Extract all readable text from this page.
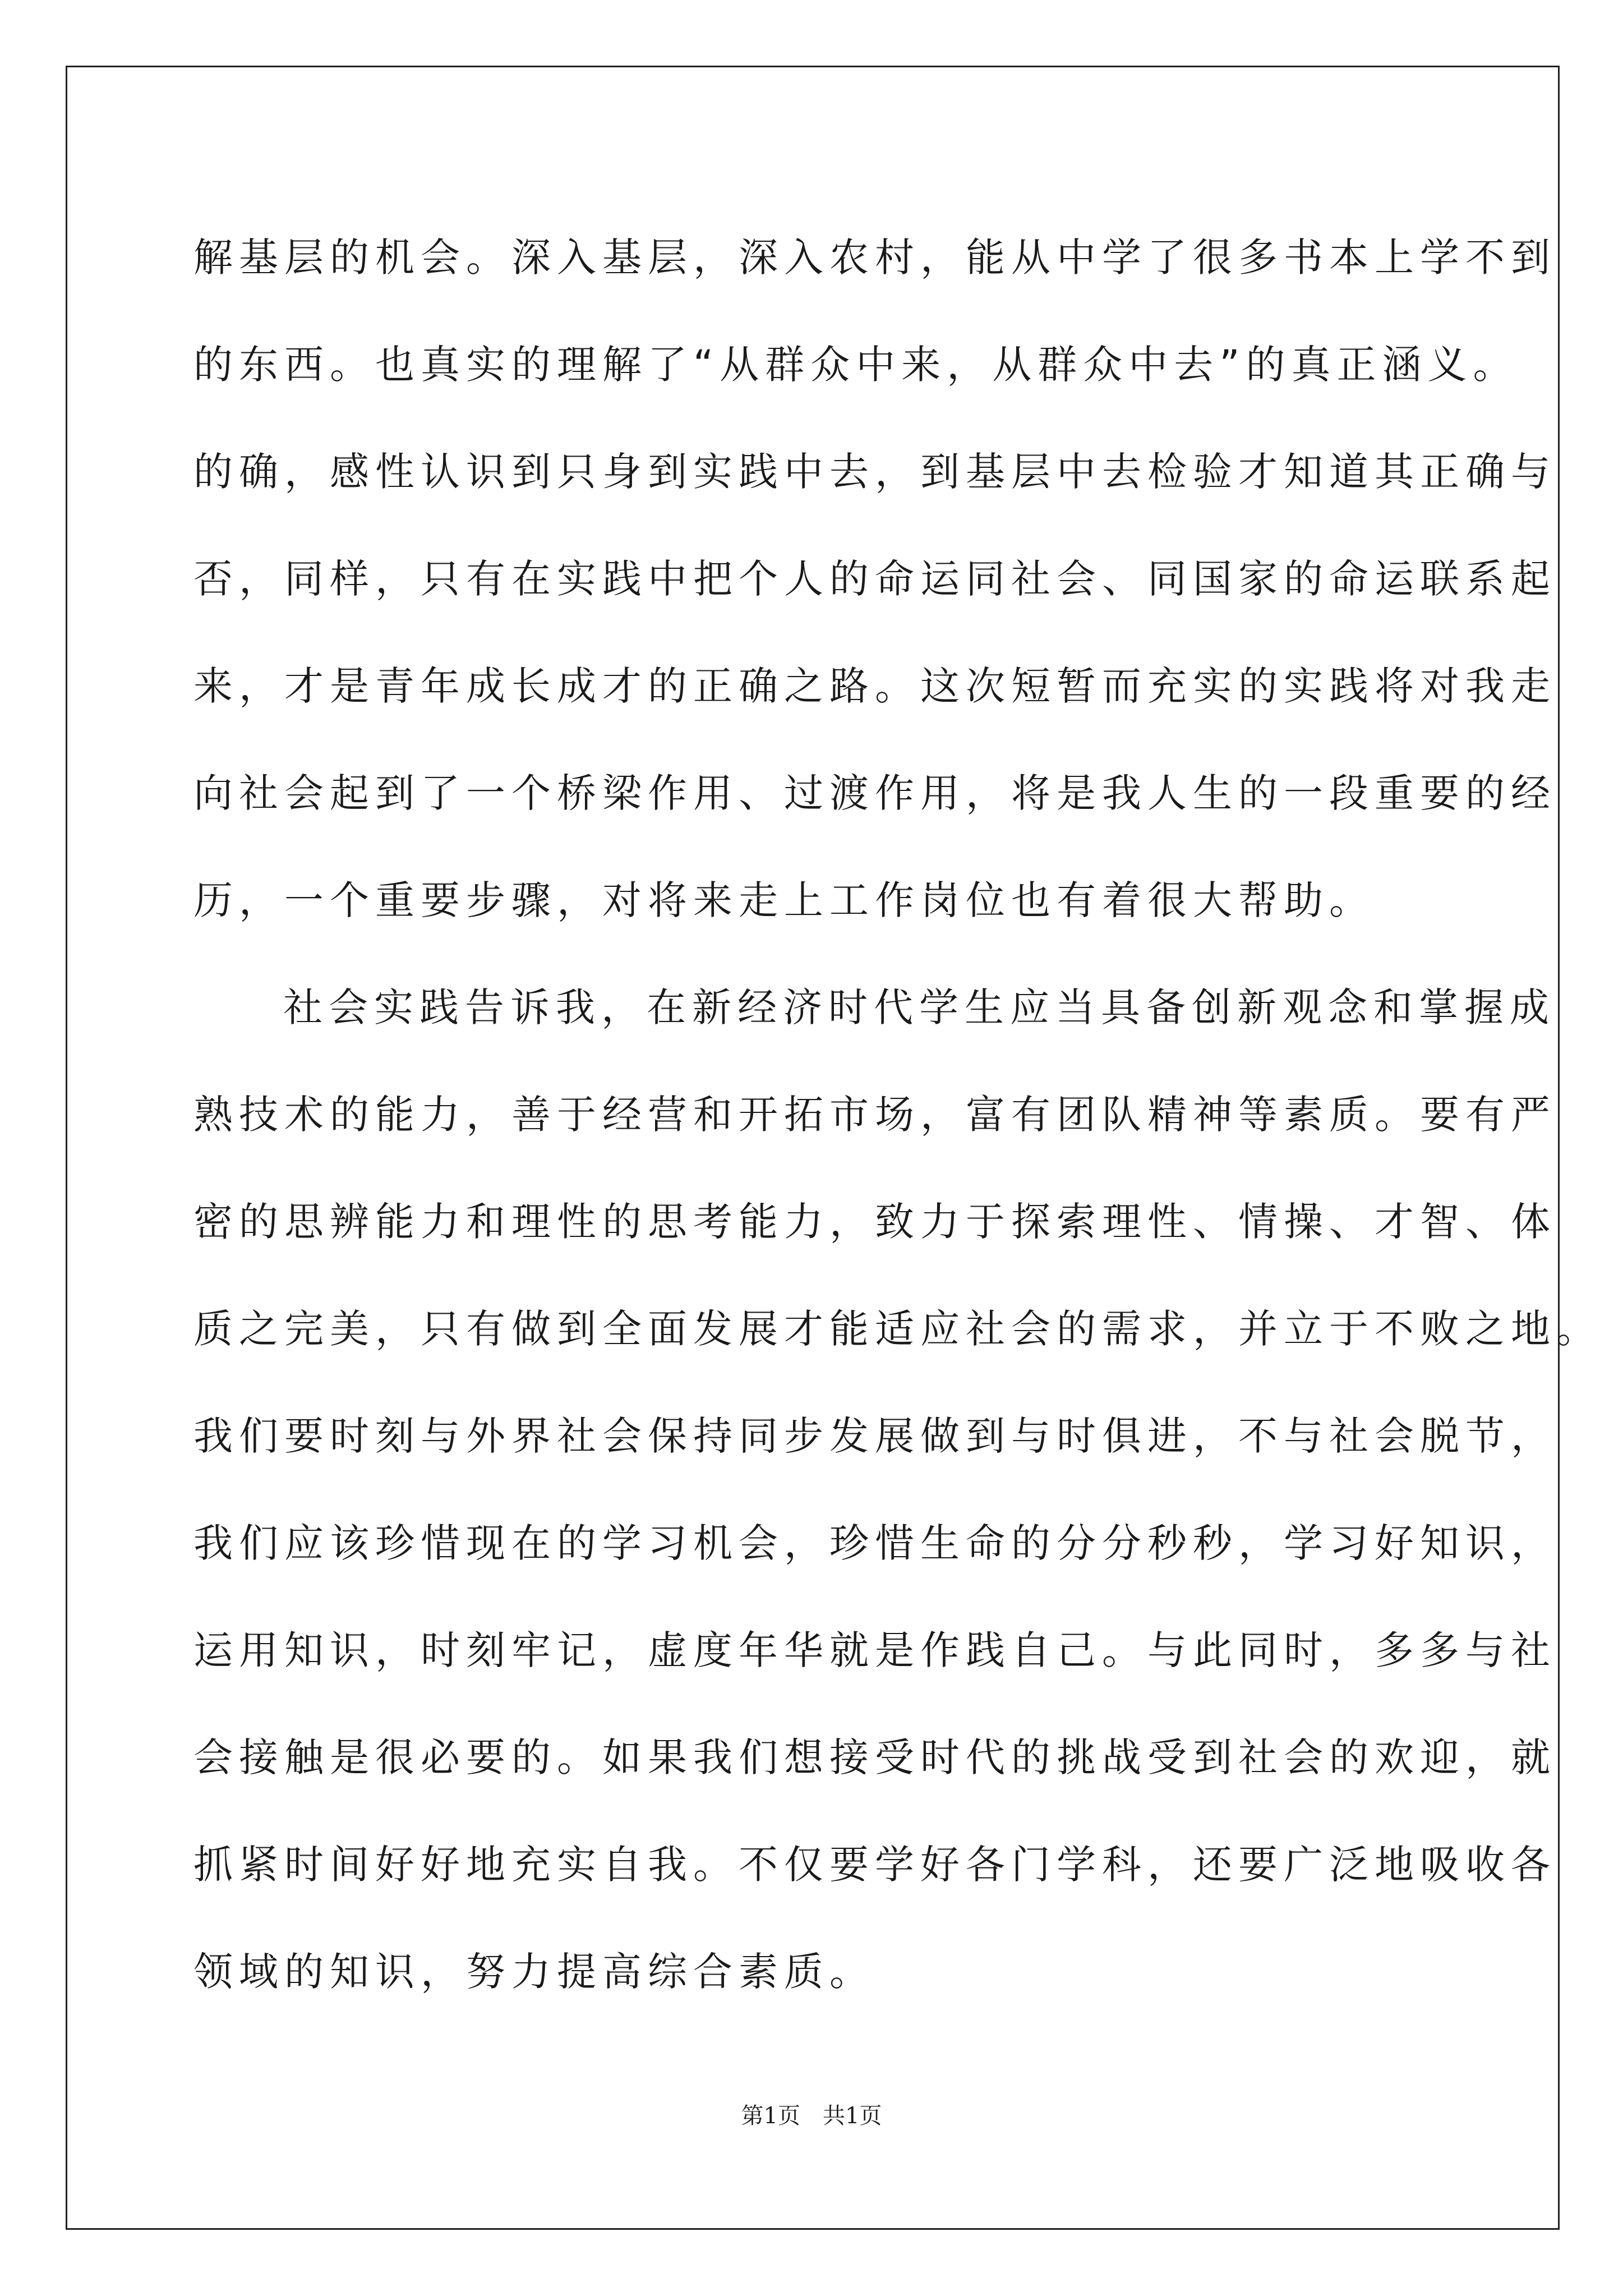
解基层的机会。深入基层，深入农村，能从中学了很多书本上学不到
的东西。也真实的理解了“从群众中来，从群众中去”的真正涵义。
的确，感性认识到只身到实践中去，到基层中去检验才知道其正确与
否，同样，只有在实践中把个人的命运同社会、同国家的命运联系起
来，才是青年成长成才的正确之路。这次短暂而充实的实践将对我走
向社会起到了一个桥梁作用、过渡作用，将是我人生的一段重要的经
历，一个重要步骤，对将来走上工作岗位也有着很大帮助。
社会实践告诉我，在新经济时代学生应当具备创新观念和掌握成
熟技术的能力，善于经营和开拓市场，富有团队精神等素质。要有严
密的思辨能力和理性的思考能力，致力于探索理性、情操、才智、体
质之完美，只有做到全面发展才能适应社会的需求，并立于不败之地。
我们要时刻与外界社会保持同步发展做到与时俱进，不与社会脱节，
我们应该珍惜现在的学习机会，珍惜生命的分分秒秒，学习好知识，
运用知识，时刻牢记，虚度年华就是作践自己。与此同时，多多与社
会接触是很必要的。如果我们想接受时代的挑战受到社会的欢迎，就
抓紧时间好好地充实自我。不仅要学好各门学科，还要广泛地吸收各
领域的知识，努力提高综合素质。
第1页　共1页
